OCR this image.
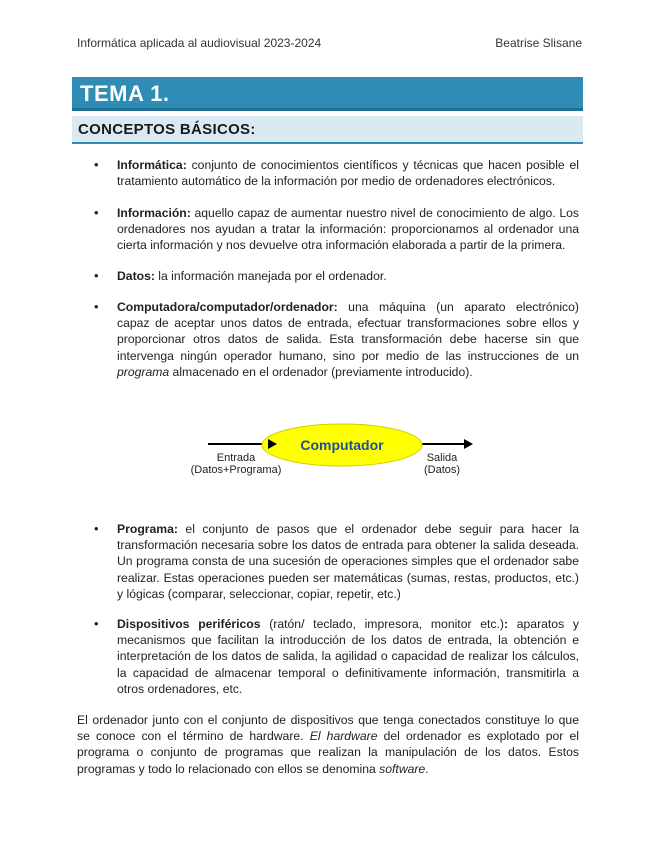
Informática aplicada al audiovisual 2023-2024	Beatrise Slisane
TEMA 1.
CONCEPTOS BÁSICOS:
• Informática: conjunto de conocimientos científicos y técnicas que hacen posible el tratamiento automático de la información por medio de ordenadores electrónicos.
• Información: aquello capaz de aumentar nuestro nivel de conocimiento de algo. Los ordenadores nos ayudan a tratar la información: proporcionamos al ordenador una cierta información y nos devuelve otra información elaborada a partir de la primera.
• Datos: la información manejada por el ordenador.
• Computadora/computador/ordenador: una máquina (un aparato electrónico) capaz de aceptar unos datos de entrada, efectuar transformaciones sobre ellos y proporcionar otros datos de salida. Esta transformación debe hacerse sin que intervenga ningún operador humano, sino por medio de las instrucciones de un programa almacenado en el ordenador (previamente introducido).
Computador
Entrada
(Datos+Programa)
Salida
(Datos)
• Programa: el conjunto de pasos que el ordenador debe seguir para hacer la transformación necesaria sobre los datos de entrada para obtener la salida deseada. Un programa consta de una sucesión de operaciones simples que el ordenador sabe realizar. Estas operaciones pueden ser matemáticas (sumas, restas, productos, etc.) y lógicas (comparar, seleccionar, copiar, repetir, etc.)
• Dispositivos periféricos (ratón/ teclado, impresora, monitor etc.): aparatos y mecanismos que facilitan la introducción de los datos de entrada, la obtención e interpretación de los datos de salida, la agilidad o capacidad de realizar los cálculos, la capacidad de almacenar temporal o definitivamente información, transmitirla a otros ordenadores, etc.
El ordenador junto con el conjunto de dispositivos que tenga conectados constituye lo que se conoce con el término de hardware. El hardware del ordenador es explotado por el programa o conjunto de programas que realizan la manipulación de los datos. Estos programas y todo lo relacionado con ellos se denomina software.
